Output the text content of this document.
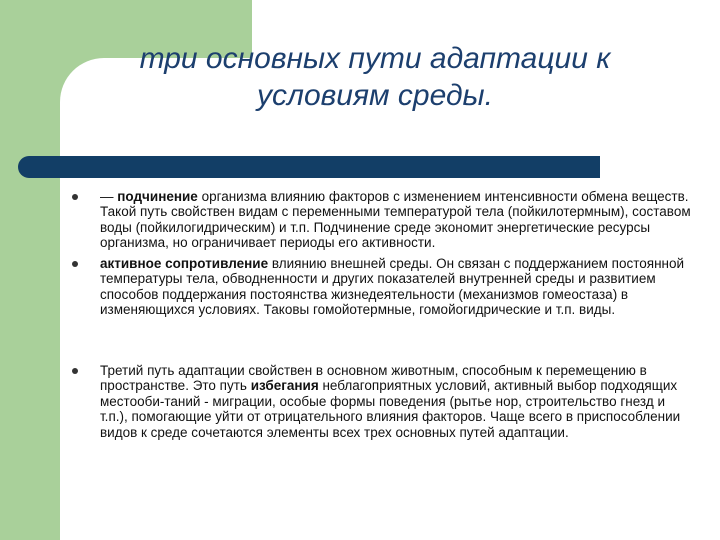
три основных пути адаптации к условиям среды.
— подчинение организма влиянию факторов с изменением интенсивности обмена веществ. Такой путь свойствен видам с переменными температурой тела (пойкилотермным), составом воды (пойкилогидрическим) и т.п. Подчинение среде экономит энергетические ресурсы организма, но ограничивает периоды его активности.
активное сопротивление влиянию внешней среды. Он связан с поддержанием постоянной температуры тела, обводненности и других показателей внутренней среды и развитием способов поддержания постоянства жизнедеятельности (механизмов гомеостаза) в изменяющихся условиях. Таковы гомойотермные, гомойогидрические и т.п. виды.
Третий путь адаптации свойствен в основном животным, способным к перемещению в пространстве. Это путь избегания неблагоприятных условий, активный выбор подходящих местооби-таний - миграции, особые формы поведения (рытье нор, строительство гнезд и т.п.), помогающие уйти от отрицательного влияния факторов. Чаще всего в приспособлении видов к среде сочетаются элементы всех трех основных путей адаптации.
